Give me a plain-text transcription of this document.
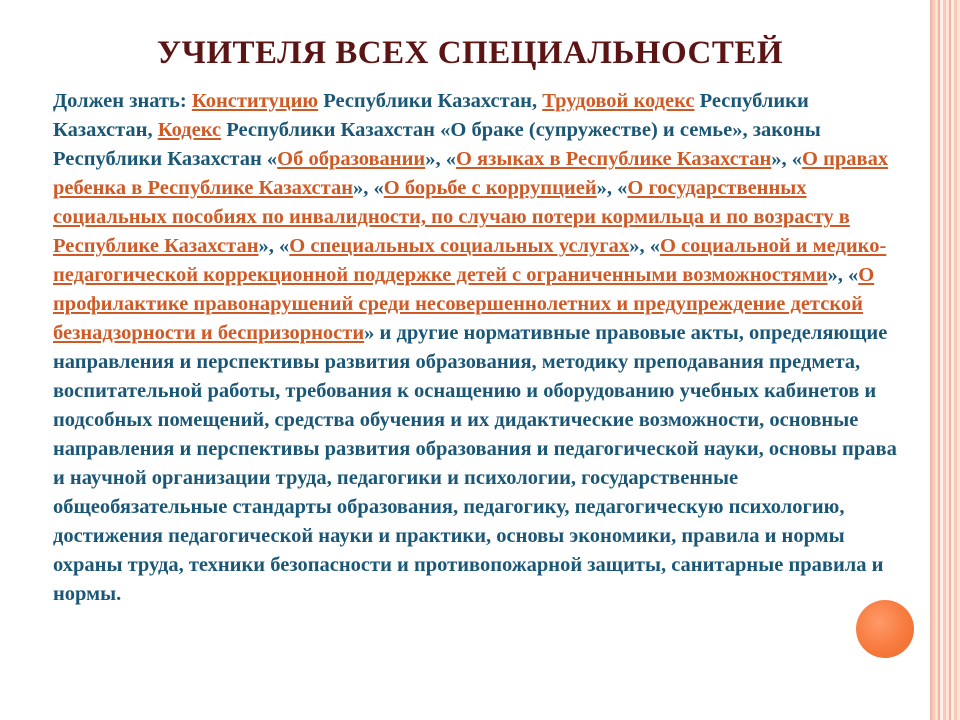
УЧИТЕЛЯ ВСЕХ СПЕЦИАЛЬНОСТЕЙ
Должен знать: Конституцию Республики Казахстан, Трудовой кодекс Республики Казахстан, Кодекс Республики Казахстан «О браке (супружестве) и семье», законы Республики Казахстан «Об образовании», «О языках в Республике Казахстан», «О правах ребенка в Республике Казахстан», «О борьбе с коррупцией», «О государственных социальных пособиях по инвалидности, по случаю потери кормильца и по возрасту в Республике Казахстан», «О специальных социальных услугах», «О социальной и медико-педагогической коррекционной поддержке детей с ограниченными возможностями», «О профилактике правонарушений среди несовершеннолетних и предупреждение детской безнадзорности и беспризорности» и другие нормативные правовые акты, определяющие направления и перспективы развития образования, методику преподавания предмета, воспитательной работы, требования к оснащению и оборудованию учебных кабинетов и подсобных помещений, средства обучения и их дидактические возможности, основные направления и перспективы развития образования и педагогической науки, основы права и научной организации труда, педагогики и психологии, государственные общеобязательные стандарты образования, педагогику, педагогическую психологию, достижения педагогической науки и практики, основы экономики, правила и нормы охраны труда, техники безопасности и противопожарной защиты, санитарные правила и нормы.
